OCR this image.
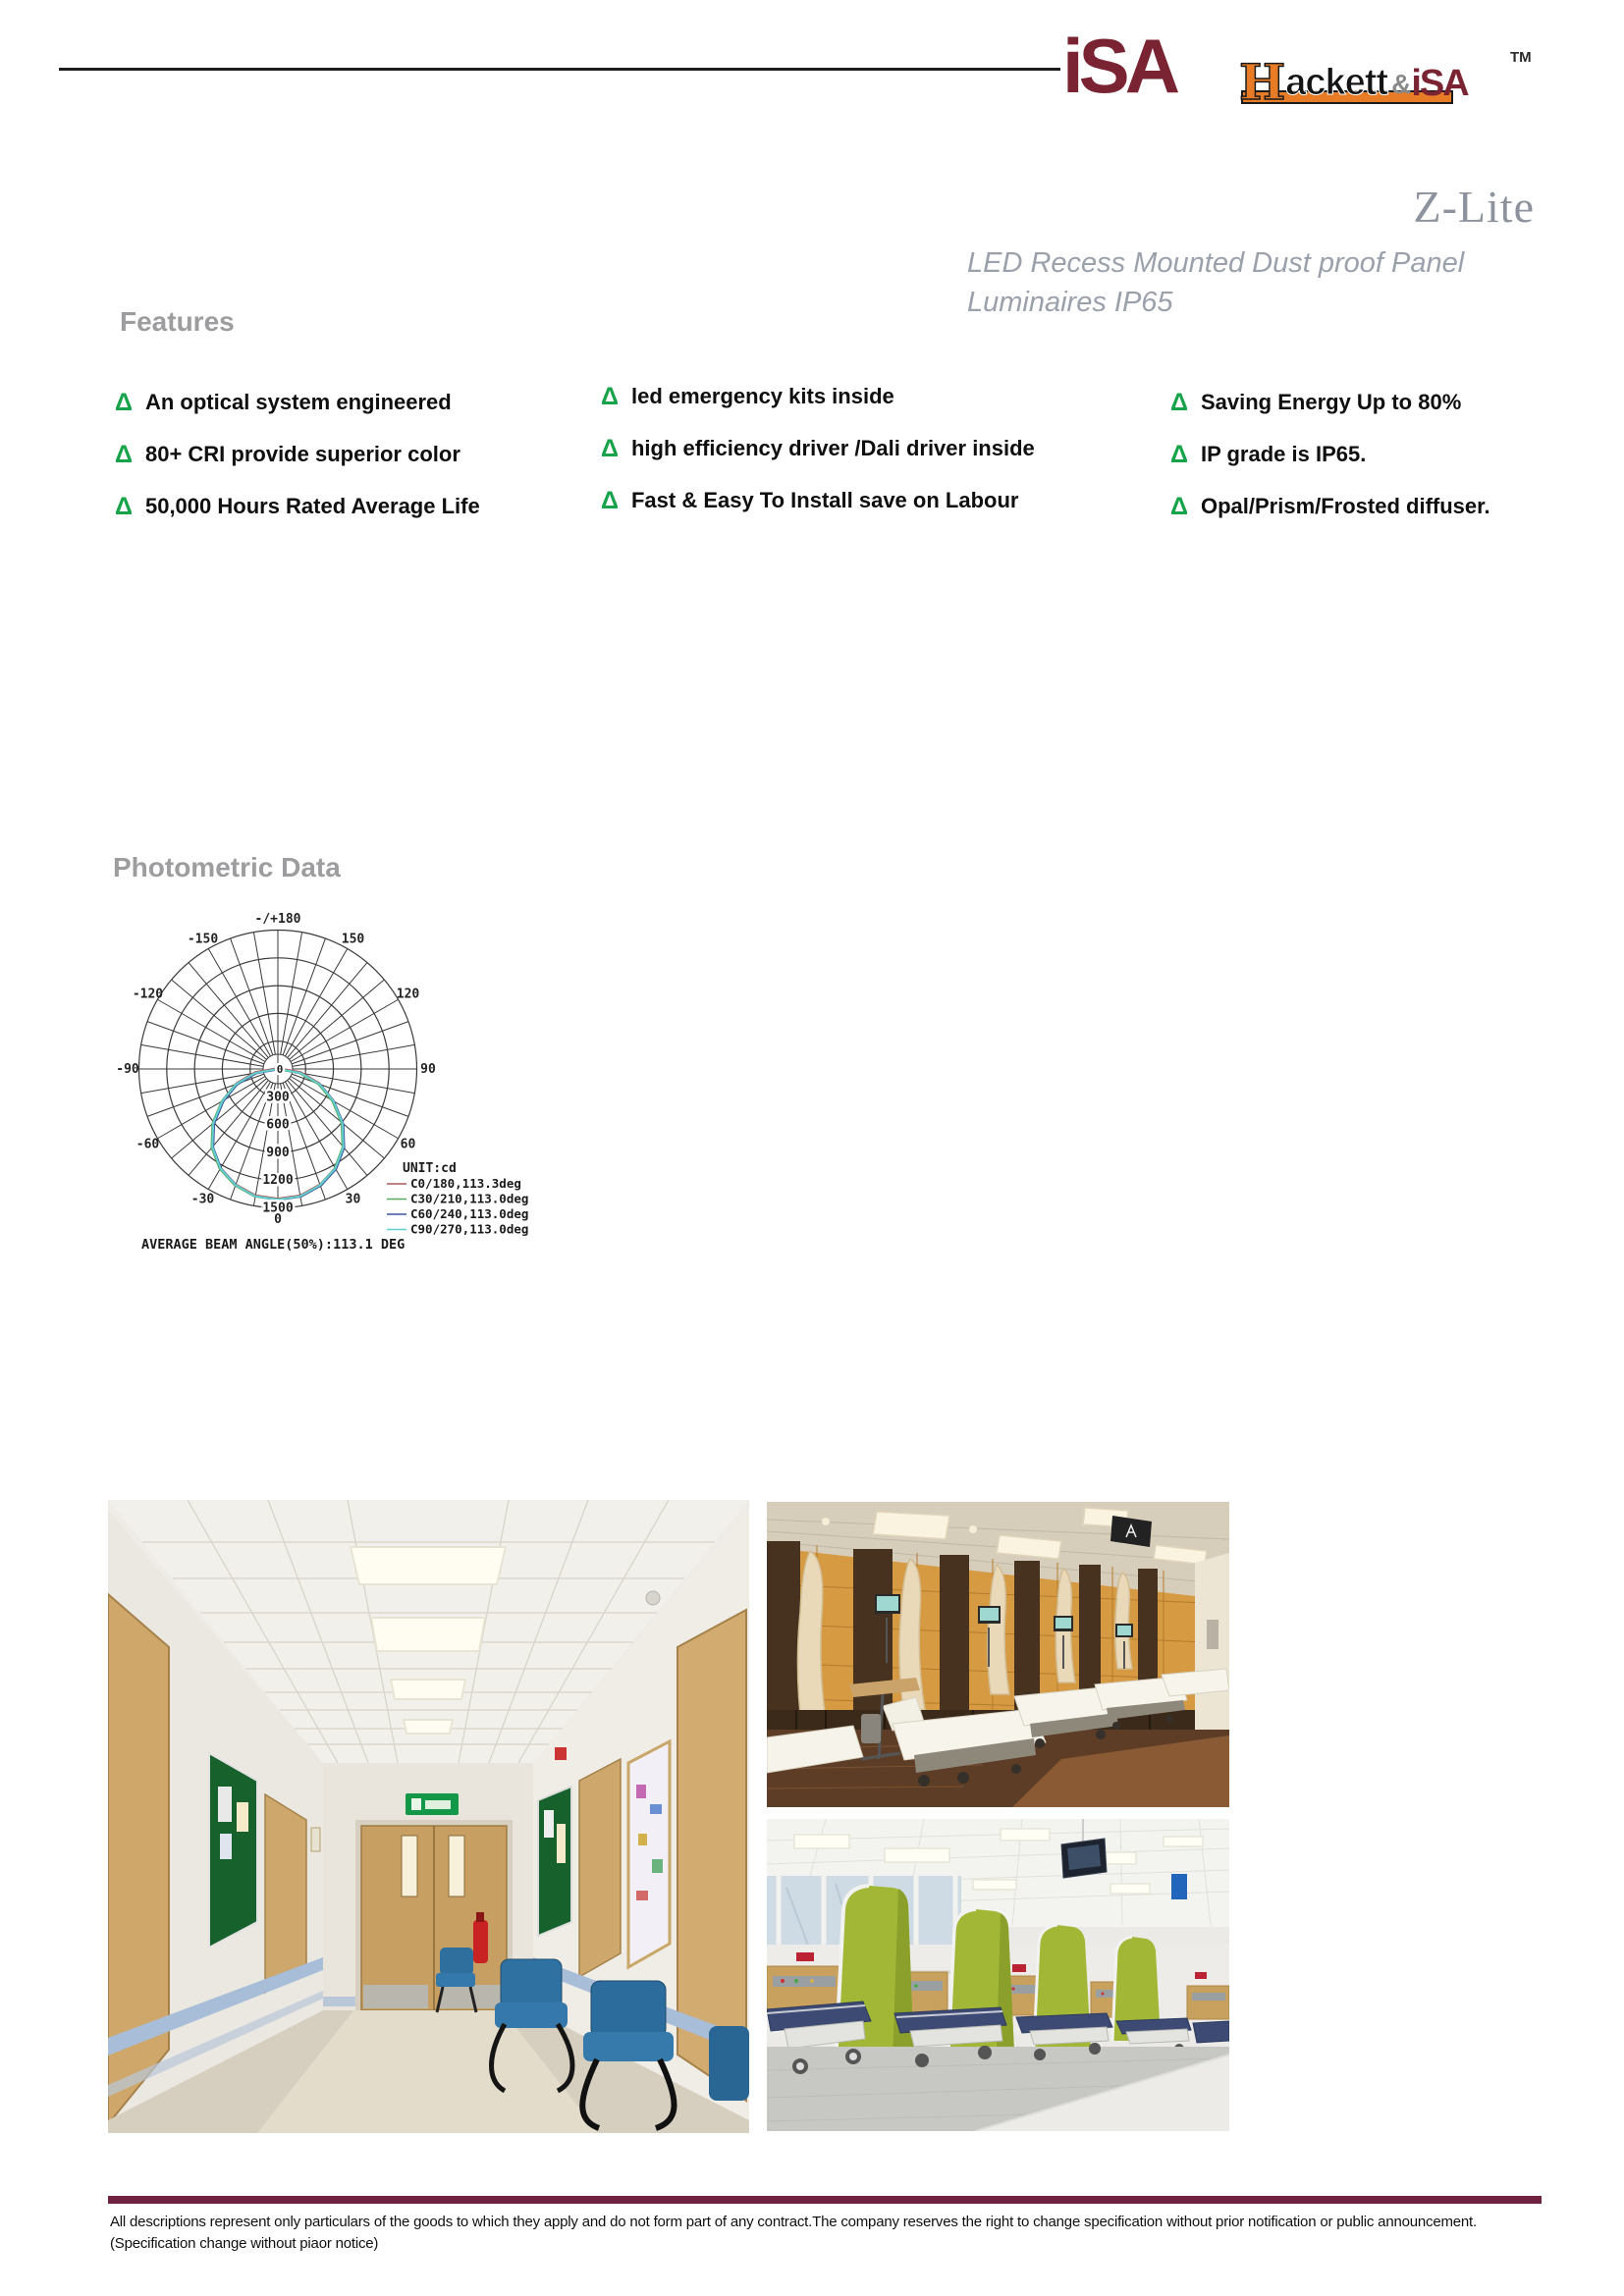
iSA Hackett &iSA
TM
Z-Lite
LED Recess Mounted Dust proof Panel Luminaires IP65
Features
Δ An optical system engineered
Δ 80+ CRI provide superior color
Δ 50,000 Hours Rated Average Life
Δ led emergency kits inside
Δ high efficiency driver /Dali driver inside
Δ Fast & Easy To Install save on Labour
Δ Saving Energy Up to 80%
Δ IP grade is IP65.
Δ Opal/Prism/Frosted diffuser.
Photometric Data
300
600
900
1200
1500
0
-/+180
150
120
90
60
30
0
-30
-60
-90
-120
-150
UNIT:cd
C0/180,113.3deg
C30/210,113.0deg
C60/240,113.0deg
C90/270,113.0deg
AVERAGE BEAM ANGLE(50%):113.1 DEG
All descriptions represent only particulars of the goods to which they apply and do not form part of any contract.The company reserves the right to change specification without prior notification or public announcement.(Specification change without piaor notice)
